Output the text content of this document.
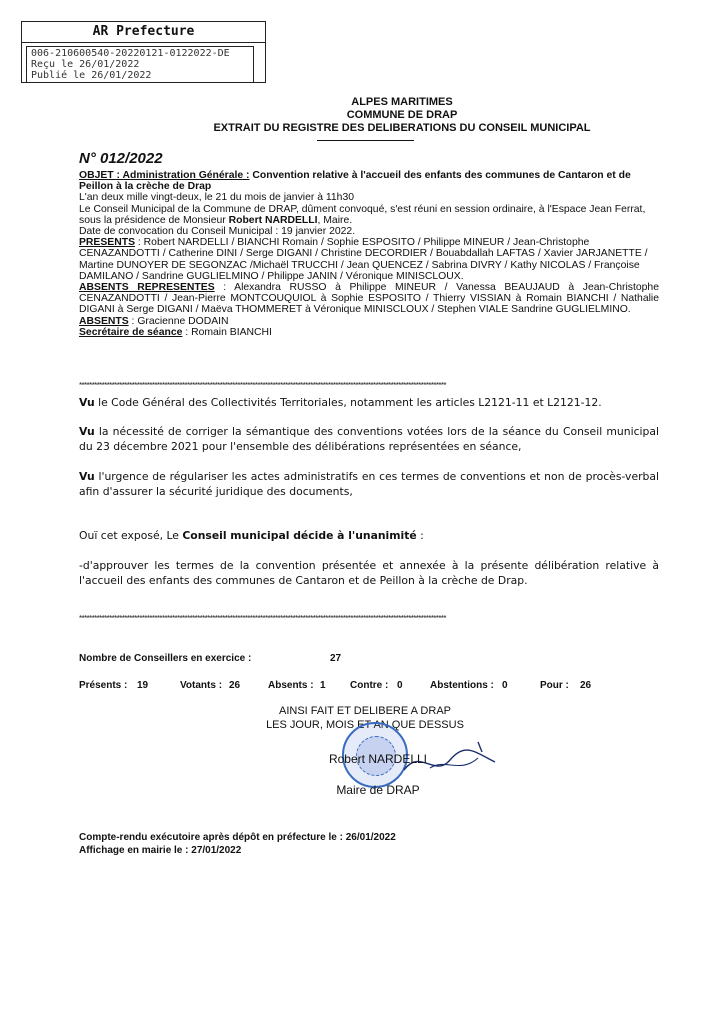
AR Prefecture
006-210600540-20220121-0122022-DE
Reçu le 26/01/2022
Publié le 26/01/2022
ALPES MARITIMES
COMMUNE DE DRAP
EXTRAIT DU REGISTRE DES DELIBERATIONS DU CONSEIL MUNICIPAL
N° 012/2022
OBJET : Administration Générale : Convention relative à l'accueil des enfants des communes de Cantaron et de Peillon à la crèche de Drap
L'an deux mille vingt-deux, le 21 du mois de janvier à 11h30
Le Conseil Municipal de la Commune de DRAP, dûment convoqué, s'est réuni en session ordinaire, à l'Espace Jean Ferrat, sous la présidence de Monsieur Robert NARDELLI, Maire.
Date de convocation du Conseil Municipal : 19 janvier 2022.
PRESENTS : Robert NARDELLI / BIANCHI Romain / Sophie ESPOSITO / Philippe MINEUR / Jean-Christophe CENAZANDOTTI / Catherine DINI / Serge DIGANI / Christine DECORDIER / Bouabdallah LAFTAS / Xavier JARJANETTE / Martine DUNOYER DE SEGONZAC /Michaël TRUCCHI / Jean QUENCEZ / Sabrina DIVRY / Kathy NICOLAS / Françoise DAMILANO / Sandrine GUGLIELMINO / Philippe JANIN / Véronique MINISCLOUX.
ABSENTS REPRESENTES : Alexandra RUSSO à Philippe MINEUR / Vanessa BEAUJAUD à Jean-Christophe CENAZANDOTTI / Jean-Pierre MONTCOUQUIOL à Sophie ESPOSITO / Thierry VISSIAN à Romain BIANCHI / Nathalie DIGANI à Serge DIGANI / Maëva THOMMERET à Véronique MINISCLOUX / Stephen VIALE Sandrine GUGLIELMINO.
ABSENTS : Gracienne DODAIN
Secrétaire de séance : Romain BIANCHI
**************************************************************************************************************************************************
Vu le Code Général des Collectivités Territoriales, notamment les articles L2121-11 et L2121-12.
Vu la nécessité de corriger la sémantique des conventions votées lors de la séance du Conseil municipal du 23 décembre 2021 pour l'ensemble des délibérations représentées en séance,
Vu l'urgence de régulariser les actes administratifs en ces termes de conventions et non de procès-verbal afin d'assurer la sécurité juridique des documents,
Ouï cet exposé, Le Conseil municipal décide à l'unanimité :
-d'approuver les termes de la convention présentée et annexée à la présente délibération relative à l'accueil des enfants des communes de Cantaron et de Peillon à la crèche de Drap.
**************************************************************************************************************************************************
Nombre de Conseillers en exercice :	27
Présents : 19	Votants : 26	Absents : 1 Contre : 0	Abstentions : 0	Pour : 26
AINSI FAIT ET DELIBERE A DRAP
LES JOUR, MOIS ET AN QUE DESSUS
Robert NARDELLI
Maire de DRAP
Compte-rendu exécutoire après dépôt en préfecture le : 26/01/2022
Affichage en mairie le : 27/01/2022
